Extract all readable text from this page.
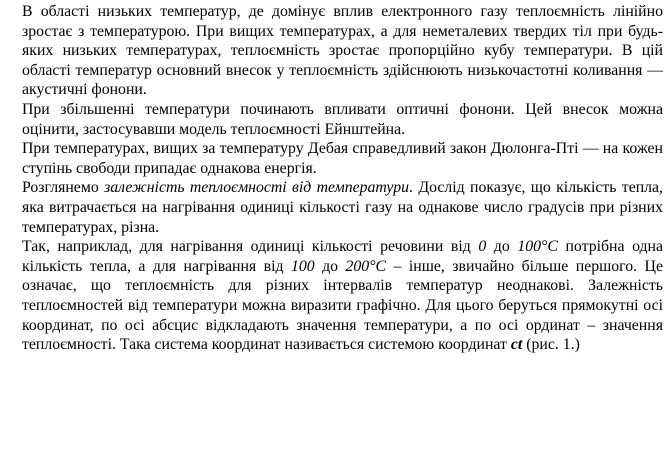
В області низьких температур, де домінує вплив електронного газу теплоємність лінійно зростає з температурою. При вищих температурах, а для неметалевих твердих тіл при будь-яких низьких температурах, теплоємність зростає пропорційно кубу температури. В цій області температур основний внесок у теплоємність здійснюють низькочастотні коливання — акустичні фонони.

При збільшенні температури починають впливати оптичні фонони. Цей внесок можна оцінити, застосувавши модель теплоємності Ейнштейна.

При температурах, вищих за температуру Дебая справедливий закон Дюлонга-Пті — на кожен ступінь свободи припадає однакова енергія.

Розглянемо залежність теплоємності від температури. Дослід показує, що кількість тепла, яка витрачається на нагрівання одиниці кількості газу на однакове число градусів при різних температурах, різна.

Так, наприклад, для нагрівання одиниці кількості речовини від 0 до 100°С потрібна одна кількість тепла, а для нагрівання від 100 до 200°С – інше, звичайно більше першого. Це означає, що теплоємність для різних інтервалів температур неоднакові. Залежність теплоємностей від температури можна виразити графічно. Для цього беруться прямокутні осі координат, по осі абсцис відкладають значення температури, а по осі ординат – значення теплоємності. Така система координат називається системою координат ct (рис. 1.)
